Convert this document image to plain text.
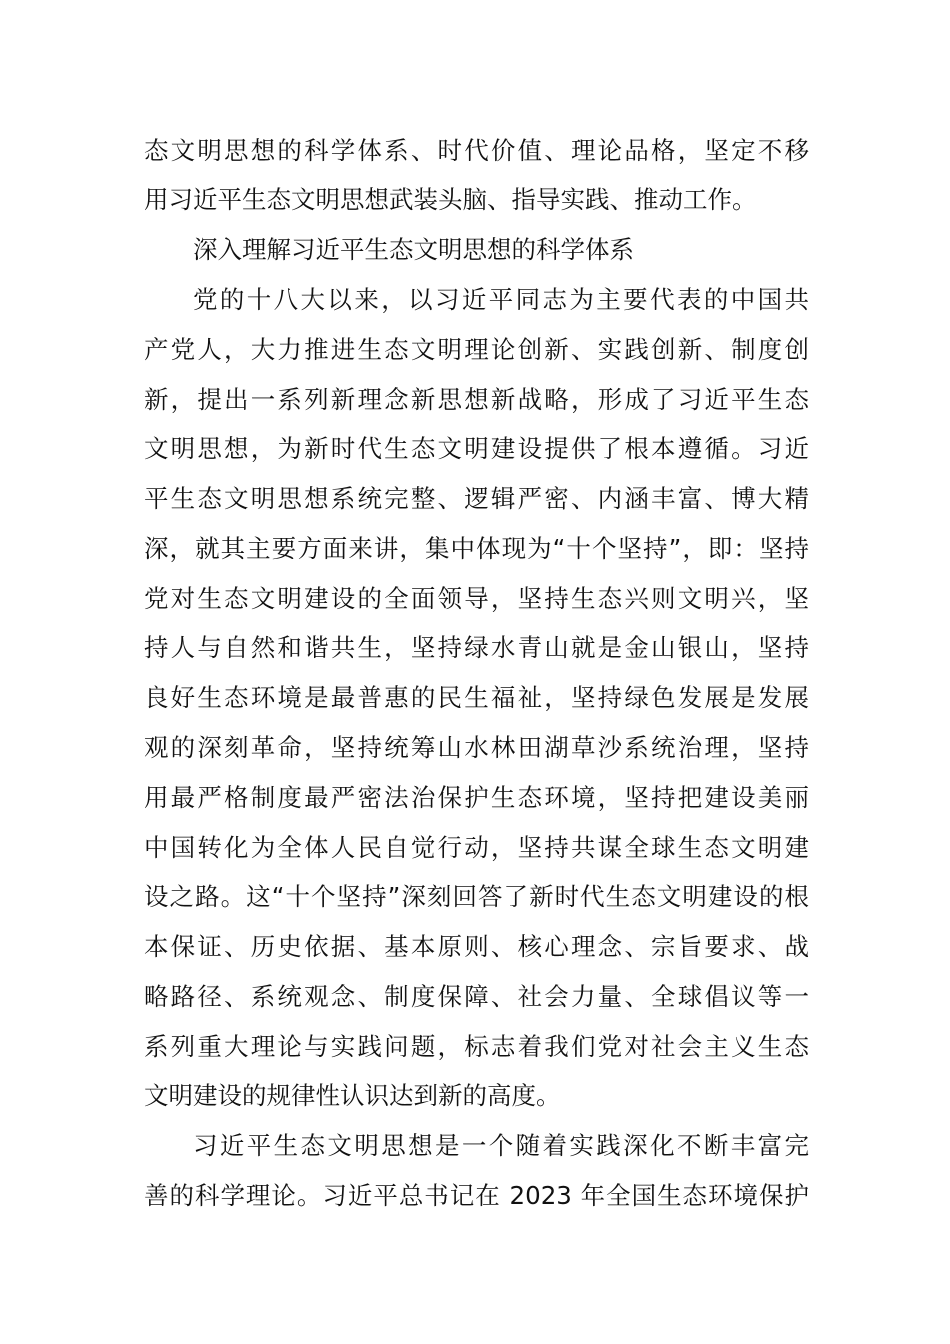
态文明思想的科学体系、时代价值、理论品格，坚定不移
用习近平生态文明思想武装头脑、指导实践、推动工作。
深入理解习近平生态文明思想的科学体系
党的十八大以来，以习近平同志为主要代表的中国共
产党人，大力推进生态文明理论创新、实践创新、制度创
新，提出一系列新理念新思想新战略，形成了习近平生态
文明思想，为新时代生态文明建设提供了根本遵循。习近
平生态文明思想系统完整、逻辑严密、内涵丰富、博大精
深，就其主要方面来讲，集中体现为“十个坚持”，即：坚持
党对生态文明建设的全面领导，坚持生态兴则文明兴，坚
持人与自然和谐共生，坚持绿水青山就是金山银山，坚持
良好生态环境是最普惠的民生福祉，坚持绿色发展是发展
观的深刻革命，坚持统筹山水林田湖草沙系统治理，坚持
用最严格制度最严密法治保护生态环境，坚持把建设美丽
中国转化为全体人民自觉行动，坚持共谋全球生态文明建
设之路。这“十个坚持”深刻回答了新时代生态文明建设的根
本保证、历史依据、基本原则、核心理念、宗旨要求、战
略路径、系统观念、制度保障、社会力量、全球倡议等一
系列重大理论与实践问题，标志着我们党对社会主义生态
文明建设的规律性认识达到新的高度。
习近平生态文明思想是一个随着实践深化不断丰富完
善的科学理论。习近平总书记在 2023 年全国生态环境保护
